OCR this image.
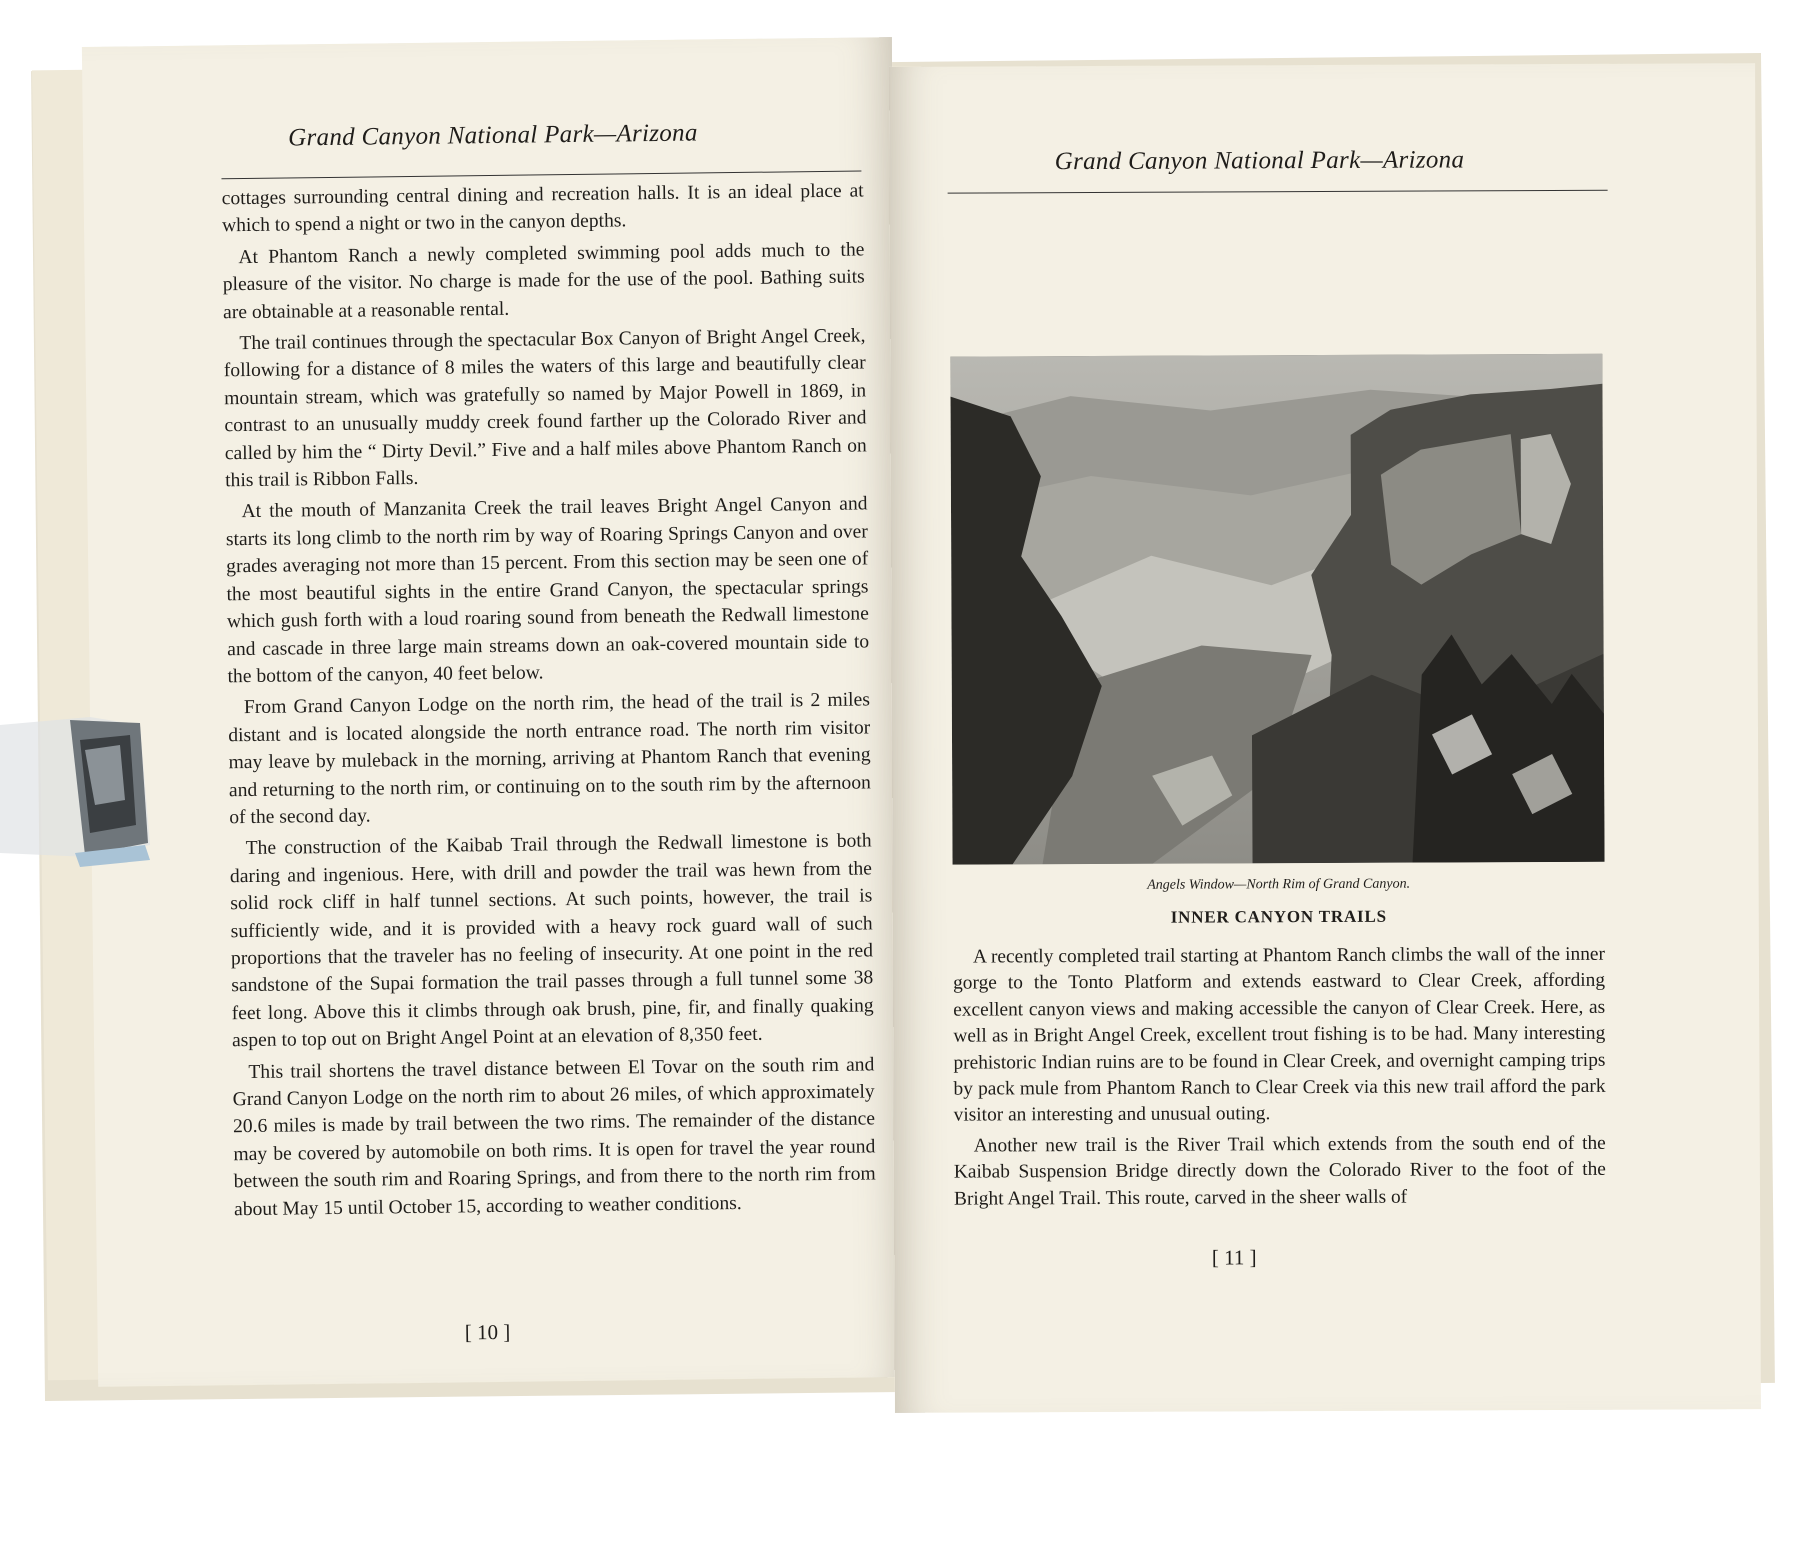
Grand Canyon National Park—Arizona

cottages surrounding central dining and recreation halls. It is an ideal place at which to spend a night or two in the canyon depths.

At Phantom Ranch a newly completed swimming pool adds much to the pleasure of the visitor. No charge is made for the use of the pool. Bathing suits are obtainable at a reasonable rental.

The trail continues through the spectacular Box Canyon of Bright Angel Creek, following for a distance of 8 miles the waters of this large and beautifully clear mountain stream, which was gratefully so named by Major Powell in 1869, in contrast to an unusually muddy creek found farther up the Colorado River and called by him the “ Dirty Devil.” Five and a half miles above Phantom Ranch on this trail is Ribbon Falls.

At the mouth of Manzanita Creek the trail leaves Bright Angel Canyon and starts its long climb to the north rim by way of Roaring Springs Canyon and over grades averaging not more than 15 percent. From this section may be seen one of the most beautiful sights in the entire Grand Canyon, the spectacular springs which gush forth with a loud roaring sound from beneath the Redwall limestone and cascade in three large main streams down an oak-covered mountain side to the bottom of the canyon, 40 feet below.

From Grand Canyon Lodge on the north rim, the head of the trail is 2 miles distant and is located alongside the north entrance road. The north rim visitor may leave by muleback in the morning, arriving at Phantom Ranch that evening and returning to the north rim, or continuing on to the south rim by the afternoon of the second day.

The construction of the Kaibab Trail through the Redwall limestone is both daring and ingenious. Here, with drill and powder the trail was hewn from the solid rock cliff in half tunnel sections. At such points, however, the trail is sufficiently wide, and it is provided with a heavy rock guard wall of such proportions that the traveler has no feeling of insecurity. At one point in the red sandstone of the Supai formation the trail passes through a full tunnel some 38 feet long. Above this it climbs through oak brush, pine, fir, and finally quaking aspen to top out on Bright Angel Point at an elevation of 8,350 feet.

This trail shortens the travel distance between El Tovar on the south rim and Grand Canyon Lodge on the north rim to about 26 miles, of which approximately 20.6 miles is made by trail between the two rims. The remainder of the distance may be covered by automobile on both rims. It is open for travel the year round between the south rim and Roaring Springs, and from there to the north rim from about May 15 until October 15, according to weather conditions.

[ 10 ]
Grand Canyon National Park—Arizona
Angels Window—North Rim of Grand Canyon.
INNER CANYON TRAILS

A recently completed trail starting at Phantom Ranch climbs the wall of the inner gorge to the Tonto Platform and extends eastward to Clear Creek, affording excellent canyon views and making accessible the canyon of Clear Creek. Here, as well as in Bright Angel Creek, excellent trout fishing is to be had. Many interesting prehistoric Indian ruins are to be found in Clear Creek, and overnight camping trips by pack mule from Phantom Ranch to Clear Creek via this new trail afford the park visitor an interesting and unusual outing.

Another new trail is the River Trail which extends from the south end of the Kaibab Suspension Bridge directly down the Colorado River to the foot of the Bright Angel Trail. This route, carved in the sheer walls of

[ 11 ]
